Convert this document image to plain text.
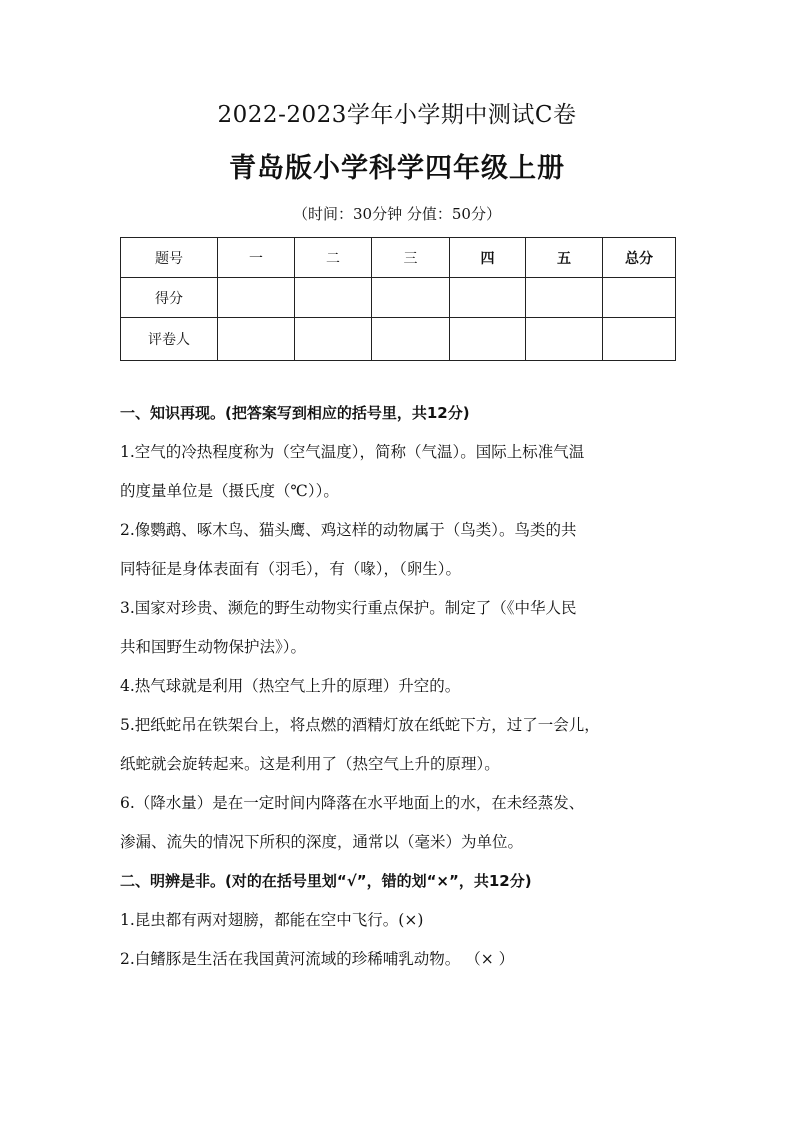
2022-2023学年小学期中测试C卷
青岛版小学科学四年级上册
（时间：30分钟 分值：50分）
题号	一	二	三	四	五	总分
得分						
评卷人						
一、知识再现。(把答案写到相应的括号里，共12分)
1.空气的冷热程度称为（空气温度），简称（气温）。国际上标准气温
的度量单位是（摄氏度（℃））。
2.像鹦鹉、啄木鸟、猫头鹰、鸡这样的动物属于（鸟类）。鸟类的共
同特征是身体表面有（羽毛），有（喙），（卵生）。
3.国家对珍贵、濒危的野生动物实行重点保护。制定了（《中华人民
共和国野生动物保护法》）。
4.热气球就是利用（热空气上升的原理）升空的。
5.把纸蛇吊在铁架台上，将点燃的酒精灯放在纸蛇下方，过了一会儿，
纸蛇就会旋转起来。这是利用了（热空气上升的原理）。
6.（降水量）是在一定时间内降落在水平地面上的水，在未经蒸发、
渗漏、流失的情况下所积的深度，通常以（毫米）为单位。
二、明辨是非。(对的在括号里划“√”，错的划“×”，共12分)
1.昆虫都有两对翅膀，都能在空中飞行。(×)
2.白鳍豚是生活在我国黄河流域的珍稀哺乳动物。 （× ）
